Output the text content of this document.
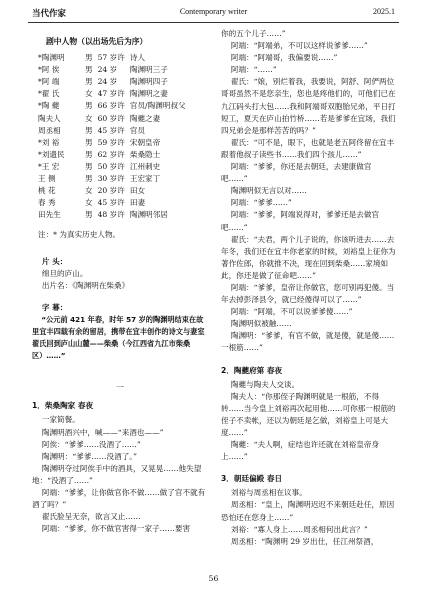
当代作家	Contemporary writer	2025.1
剧中人物（以出场先后为序）
*陶渊明	男	57 岁许	诗人
*阿 俟	男	24 岁	陶渊明三子
*阿 端	男	24 岁	陶渊明四子
*翟 氏	女	47 岁许	陶渊明之妻
*陶 夔	男	66 岁许	官员/陶渊明叔父
陶夫人	女	60 岁许	陶夔之妻
周丞相	男	45 岁许	官员
*刘 裕	男	59 岁许	宋朝皇帝
*刘遗民	男	62 岁许	柴桑隐士
*王 宏	男	50 岁许	江州刺史
王 侧	男	30 岁许	王宏家丁
桃 花	女	20 岁许	田女
春 秀	女	45 岁许	田妻
田先生	男	48 岁许	陶渊明邻居

注：* 为真实历史人物。

片 头：

绵旦的庐山。

出片名：《陶渊明在柴桑》

字 幕：

“公元前 421 年春，时年 57 岁的陶渊明结束在故里宜丰四载有余的留居，携带在宜丰创作的诗文与妻室翟氏回到庐山山麓——柴桑（今江西省九江市柴桑区）……”

一

1．柴桑陶家 春夜

一家简餐。

陶渊明酒兴中，喊——“来酒也——”

阿俟：“爹爹……没酒了……”

陶渊明：“爹爹……没酒了。”

陶渊明夺过阿俟手中的酒具，又晃晃……他失望地：“没酒了……”

阿端：“爹爹，让你做官你不做……做了官不就有酒了吗？”

翟氏脸呈无奈，欲言又止……

阿端：“爹爹，你不做官害得一家子……要害

你的五个儿子……”

阿端：“阿端弟，不可以这样说爹爹……”

阿端：“阿端哥，我偏要说……”

阿端：“……”

翟氏：“娘，别烂着我，我要说，阿舒、阿俨两位哥哥虽然不是您亲生，您也是疼他们的，可他们已在九江码头打大包……我和阿端哥双胞胎兄弟，平日打短工，夏天在庐山拍竹桥……若是爹爹在宜场，我们四兄弟会是那样苦苦的吗？”

翟氏：“可不是，眼下，也就是老五阿佟留在宜丰跟着他叔子读些书……我们四个孩儿……”

阿端：“爹爹，你还是去朝廷，去建康做官吧……”

陶渊明似无言以对……

阿端：“爹爹……”

阿端：“爹爹，阿端说得对，爹爹还是去做官吧……”

翟氏：“夫君，两个儿子说的，你该听进去……去年冬，我们还在宜丰你老家的时候，刘裕皇上征你为著作佐郎，你就推不决，现在回到柴桑……家境如此，你还是做了征命吧……”

阿端：“爹爹，皇帝让你做官，您可别再犯傻。当年去掉彭泽县令，就已经傻得可以了……”

阿端：“阿端，不可以说爹爹傻……”

陶渊明似被触……

陶渊明：“爹爹，有官不做，就是傻，就是傻……一根筋……”

2．陶夔府第 春夜

陶夔与陶夫人交谈。

陶夫人：“你那侄子陶渊明就是一根筋，不得转……当今皇上刘裕再次起用他……可你那一根筋的侄子不卖帐，还以为朝廷是乞做，刘裕皇上可是大度……”

陶夔：“夫人啊，症结也许还就在刘裕皇帝身上……”

3．朝廷偏殿 春日

刘裕与周丞相在议事。

周丞相：“皇上，陶渊明迟迟不来朝廷赴任，原因恐怕还在您身上……”

刘裕：“寡人身上……周丞相何出此言？”

周丞相：“陶渊明 29 岁出仕，任江州祭酒，

56
